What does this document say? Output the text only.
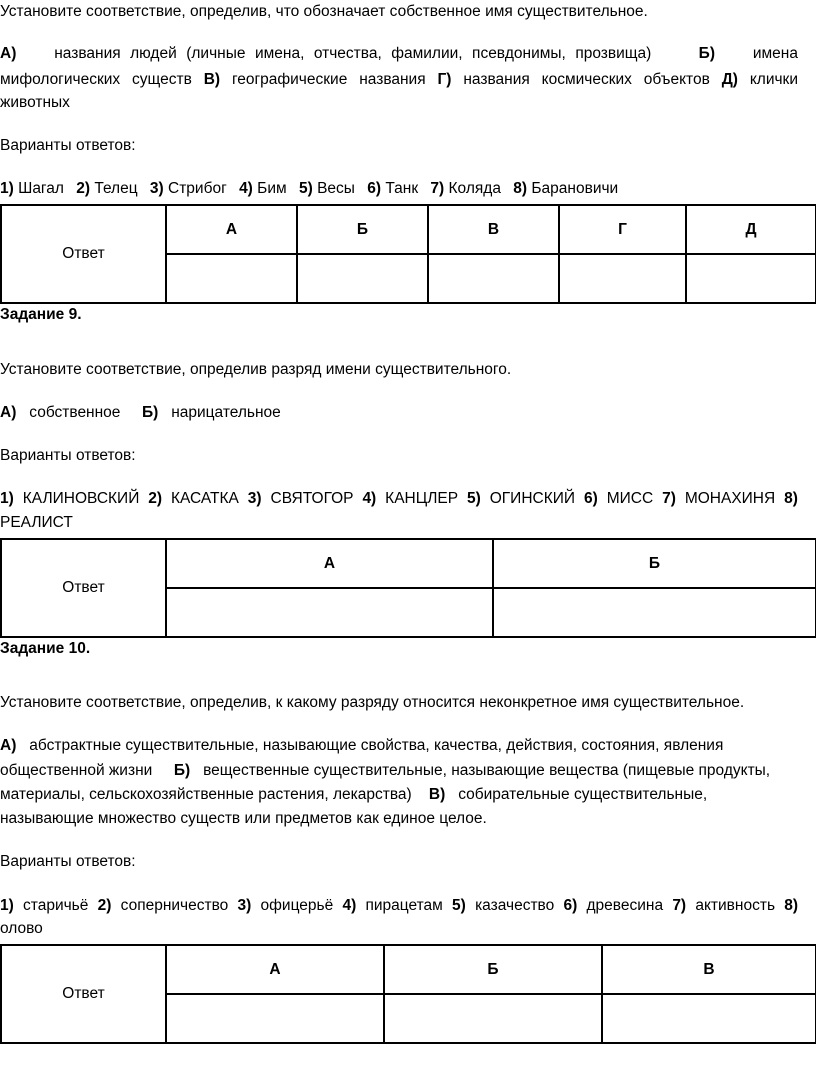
Установите соответствие, определив, что обозначает собственное имя существительное.
А) названия людей (личные имена, отчества, фамилии, псевдонимы, прозвища)	Б) имена
мифологических существ В) географические названия Г) названия космических объектов Д) клички
животных
Варианты ответов:
1) Шагал 2) Телец 3) Стрибог 4) Бим 5) Весы 6) Танк 7) Коляда 8) Барановичи
Ответ	А	Б	В	Г	Д

Задание 9.
Установите соответствие, определив разряд имени существительного.
А) собственное Б) нарицательное
Варианты ответов:
1) КАЛИНОВСКИЙ 2) КАСАТКА 3) СВЯТОГОР 4) КАНЦЛЕР 5) ОГИНСКИЙ 6) МИСС 7) МОНАХИНЯ 8)
РЕАЛИСТ
Ответ	А	Б

Задание 10.
Установите соответствие, определив, к какому разряду относится неконкретное имя существительное.
А) абстрактные существительные, называющие свойства, качества, действия, состояния, явления
общественной жизни Б) вещественные существительные, называющие вещества (пищевые продукты,
материалы, сельскохозяйственные растения, лекарства) В) собирательные существительные,
называющие множество существ или предметов как единое целое.
Варианты ответов:
1) старичьё 2) соперничество 3) офицерьё 4) пирацетам 5) казачество 6) древесина 7) активность 8)
олово
Ответ	А	Б	В
